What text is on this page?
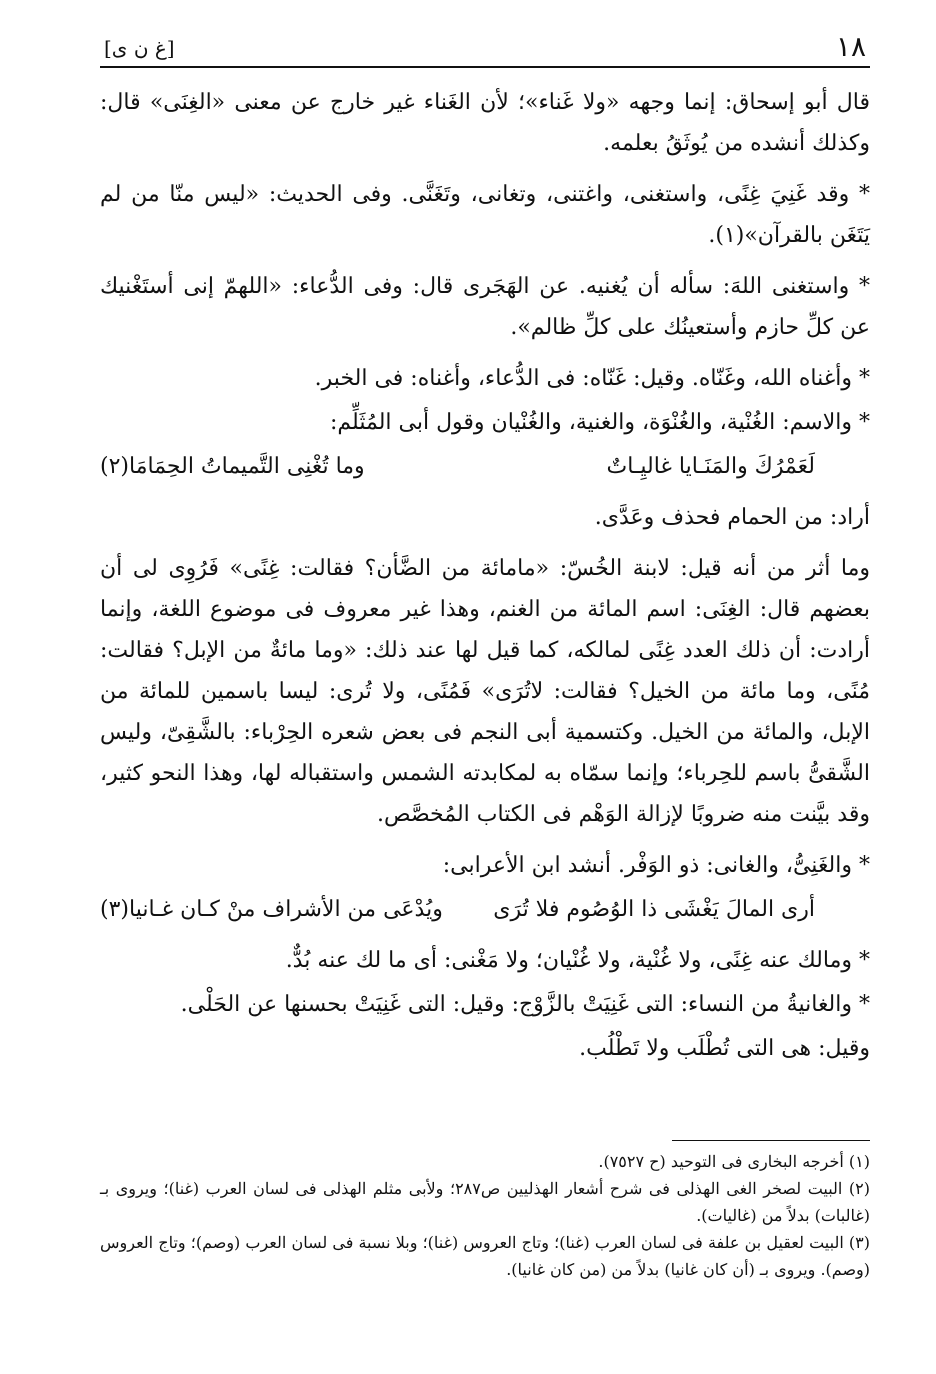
١٨
[غ ن ى]

قال أبو إسحاق: إنما وجهه «ولا غَناء»؛ لأن الغَناء غير خارج عن معنى «الغِنَى» قال: وكذلك أنشده من يُوثَقُ بعلمه.

* وقد غَنِيَ غِنًى، واستغنى، واغتنى، وتغانى، وتَغَنَّى. وفى الحديث: «ليس منّا من لم يَتَغَن بالقرآن»(١).

* واستغنى اللهَ: سأله أن يُغنيه. عن الهَجَرى قال: وفى الدُّعاء: «اللهمّ إنى أستَغْنيك عن كلِّ حازم وأستعينُك على كلِّ ظالم».

* وأغناه الله، وغَنّاه. وقيل: غَنّاه: فى الدُّعاء، وأغناه: فى الخبر.

* والاسم: الغُنْية، والغُنْوَة، والغنية، والغُنْيان وقول أبى المُثَلِّم:

لَعَمْرُكَ والمَنَـايا غاليِـاتٌ
وما تُغْنِى التَّميماتُ الحِمَامَا(٢)

أراد: من الحمام فحذف وعَدَّى.

وما أثر من أنه قيل: لابنة الخُسّ: «مامائة من الضَّأن؟ فقالت: غِنًى» فَرُوِى لى أن بعضهم قال: الغِنَى: اسم المائة من الغنم، وهذا غير معروف فى موضوع اللغة، وإنما أرادت: أن ذلك العدد غِنًى لمالكه، كما قيل لها عند ذلك: «وما مائةٌ من الإبل؟ فقالت: مُنًى، وما مائة من الخيل؟ فقالت: لاتُرَى» فَمُنًى، ولا تُرى: ليسا باسمين للمائة من الإبل، والمائة من الخيل. وكتسمية أبى النجم فى بعض شعره الحِرْباء: بالشَّقِىّ، وليس الشَّقىُّ باسم للحِرباء؛ وإنما سمّاه به لمكابدته الشمس واستقباله لها، وهذا النحو كثير، وقد بيَّنت منه ضروبًا لإزالة الوَهْم فى الكتاب المُخصَّص.

* والغَنِىُّ، والغانى: ذو الوَفْر. أنشد ابن الأعرابى:

أرى المالَ يَغْشَى ذا الوُصُوم فلا تُرَى
ويُدْعَى من الأشراف منْ كـان غـانيا(٣)

* ومالك عنه غِنًى، ولا غُنْية، ولا غُنْيان؛ ولا مَغْنى: أى ما لك عنه بُدٌّ.

* والغانيةُ من النساء: التى غَنِيَتْ بالزَّوْج: وقيل: التى غَنِيَتْ بحسنها عن الحَلْى.

وقيل: هى التى تُطْلَب ولا تَطْلُب.

(١) أخرجه البخارى فى التوحيد (ح ٧٥٢٧).

(٢) البيت لصخر الغى الهذلى فى شرح أشعار الهذليين ص٢٨٧؛ ولأبى مثلم الهذلى فى لسان العرب (غنا)؛ ويروى بـ (غالبات) بدلاً من (غاليات).

(٣) البيت لعقيل بن علفة فى لسان العرب (غنا)؛ وتاج العروس (غنا)؛ وبلا نسبة فى لسان العرب (وصم)؛ وتاج العروس (وصم). ويروى بـ (أن كان غانيا) بدلاً من (من كان غانيا).
